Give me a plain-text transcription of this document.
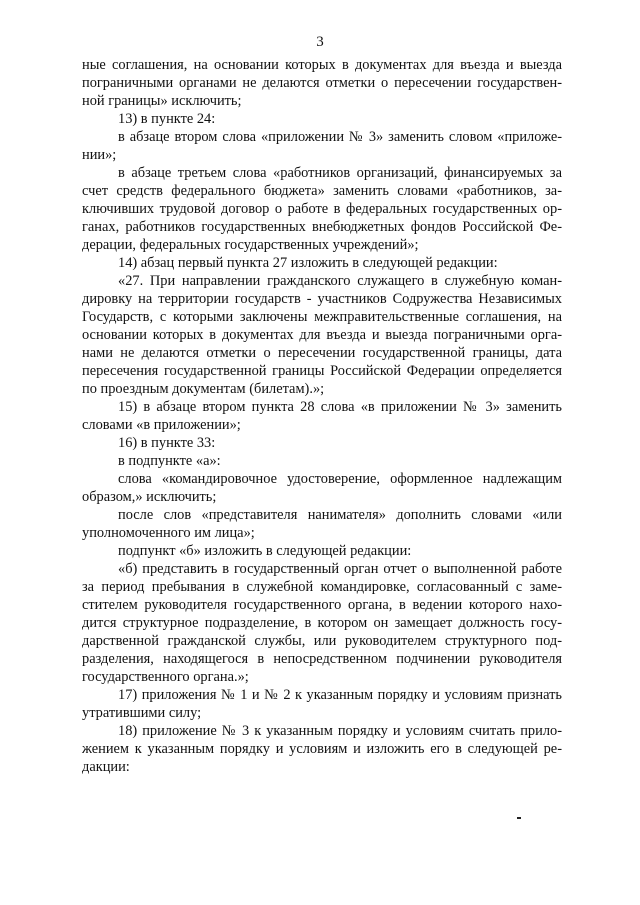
3
ные соглашения, на основании которых в документах для въезда и выезда
пограничными органами не делаются отметки о пересечении государствен-
ной границы» исключить;
13) в пункте 24:
в абзаце втором слова «приложении № 3» заменить словом «приложе-
нии»;
в абзаце третьем слова «работников организаций, финансируемых за
счет средств федерального бюджета» заменить словами «работников, за-
ключивших трудовой договор о работе в федеральных государственных ор-
ганах, работников государственных внебюджетных фондов Российской Фе-
дерации, федеральных государственных учреждений»;
14) абзац первый пункта 27 изложить в следующей редакции:
«27. При направлении гражданского служащего в служебную коман-
дировку на территории государств - участников Содружества Независимых
Государств, с которыми заключены межправительственные соглашения, на
основании которых в документах для въезда и выезда пограничными орга-
нами не делаются отметки о пересечении государственной границы, дата
пересечения государственной границы Российской Федерации определяется
по проездным документам (билетам).»;
15) в абзаце втором пункта 28 слова «в приложении № 3» заменить
словами «в приложении»;
16) в пункте 33:
в подпункте «а»:
слова «командировочное удостоверение, оформленное надлежащим
образом,» исключить;
после слов «представителя нанимателя» дополнить словами «или
уполномоченного им лица»;
подпункт «б» изложить в следующей редакции:
«б) представить в государственный орган отчет о выполненной работе
за период пребывания в служебной командировке, согласованный с заме-
стителем руководителя государственного органа, в ведении которого нахо-
дится структурное подразделение, в котором он замещает должность госу-
дарственной гражданской службы, или руководителем структурного под-
разделения, находящегося в непосредственном подчинении руководителя
государственного органа.»;
17) приложения № 1 и № 2 к указанным порядку и условиям признать
утратившими силу;
18) приложение № 3 к указанным порядку и условиям считать прило-
жением к указанным порядку и условиям и изложить его в следующей ре-
дакции:
